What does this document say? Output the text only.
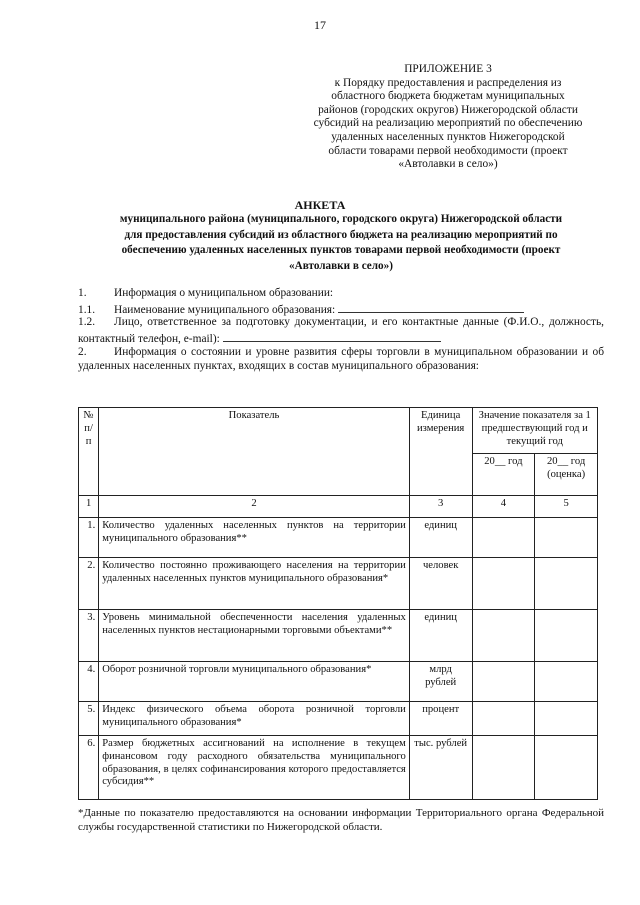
17
ПРИЛОЖЕНИЕ 3
к Порядку предоставления и распределения из
областного бюджета бюджетам муниципальных
районов (городских округов) Нижегородской области
субсидий на реализацию мероприятий по обеспечению
удаленных населенных пунктов Нижегородской
области товарами первой необходимости (проект
«Автолавки в село»)
АНКЕТА
муниципального района (муниципального, городского округа) Нижегородской области
для предоставления субсидий из областного бюджета на реализацию мероприятий по
обеспечению удаленных населенных пунктов товарами первой необходимости (проект
«Автолавки в село»)
1. Информация о муниципальном образовании:
1.1. Наименование муниципального образования:
1.2. Лицо, ответственное за подготовку документации, и его контактные данные (Ф.И.О., должность, контактный телефон, e-mail):
2. Информация о состоянии и уровне развития сферы торговли в муниципальном образовании и об удаленных населенных пунктах, входящих в состав муниципального образования:
№ п/п	Показатель	Единица измерения	Значение показателя за 1 предшествующий год и текущий год	
			20__ год	20__ год (оценка)
1	2	3	4	5
1.	Количество удаленных населенных пунктов на территории муниципального образования**	единиц		
2.	Количество постоянно проживающего населения на территории удаленных населенных пунктов муниципального образования*	человек		
3.	Уровень минимальной обеспеченности населения удаленных населенных пунктов нестационарными торговыми объектами**	единиц		
4.	Оборот розничной торговли муниципального образования*	млрд рублей		
5.	Индекс физического объема оборота розничной торговли муниципального образования*	процент		
6.	Размер бюджетных ассигнований на исполнение в текущем финансовом году расходного обязательства муниципального образования, в целях софинансирования которого предоставляется субсидия**	тыс. рублей		
*Данные по показателю предоставляются на основании информации Территориального органа Федеральной службы государственной статистики по Нижегородской области.
